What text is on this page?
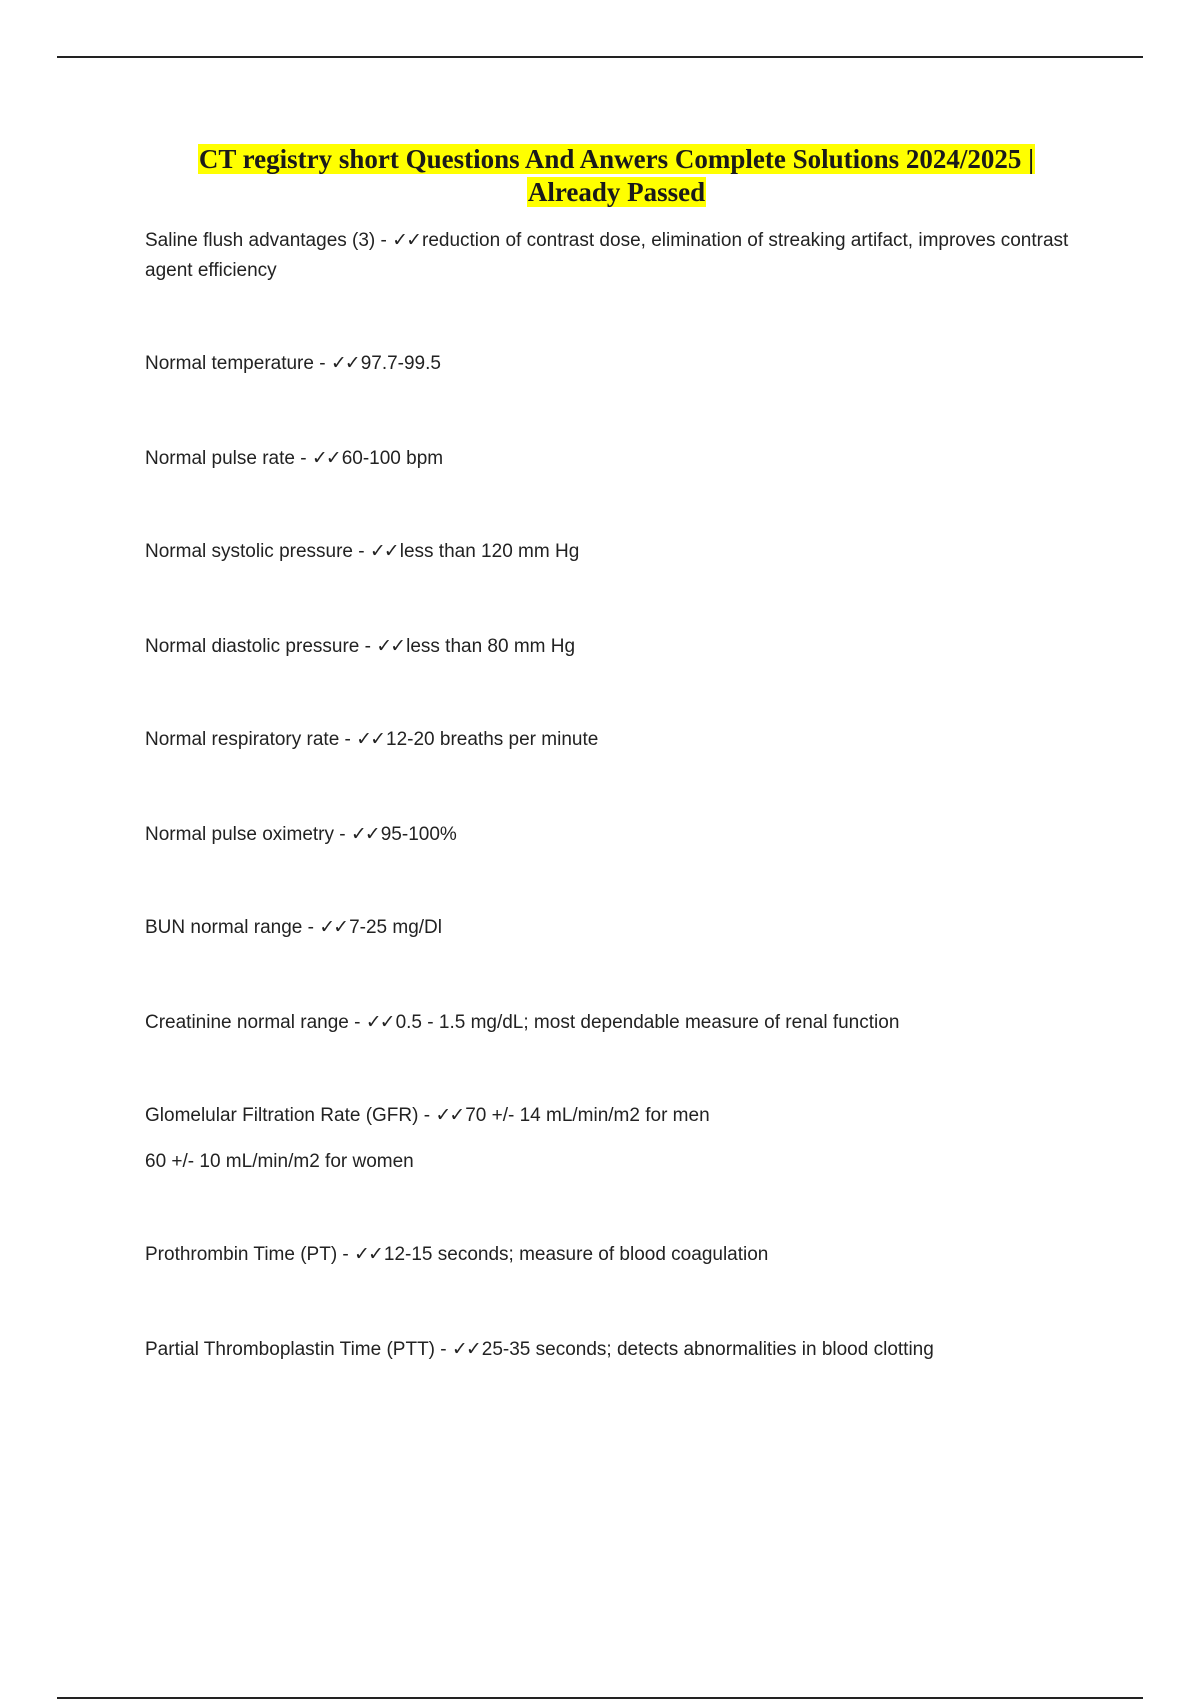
CT registry short Questions And Anwers Complete Solutions 2024/2025 |
Already Passed

Saline flush advantages (3) - ✓✓ reduction of contrast dose, elimination of streaking artifact, improves contrast agent efficiency

Normal temperature - ✓✓ 97.7-99.5

Normal pulse rate - ✓✓ 60-100 bpm

Normal systolic pressure - ✓✓ less than 120 mm Hg

Normal diastolic pressure - ✓✓ less than 80 mm Hg

Normal respiratory rate - ✓✓ 12-20 breaths per minute

Normal pulse oximetry - ✓✓ 95-100%

BUN normal range - ✓✓ 7-25 mg/Dl

Creatinine normal range - ✓✓ 0.5 - 1.5 mg/dL; most dependable measure of renal function

Glomelular Filtration Rate (GFR) - ✓✓ 70 +/- 14 mL/min/m2 for men
60 +/- 10 mL/min/m2 for women

Prothrombin Time (PT) - ✓✓ 12-15 seconds; measure of blood coagulation

Partial Thromboplastin Time (PTT) - ✓✓ 25-35 seconds; detects abnormalities in blood clotting
